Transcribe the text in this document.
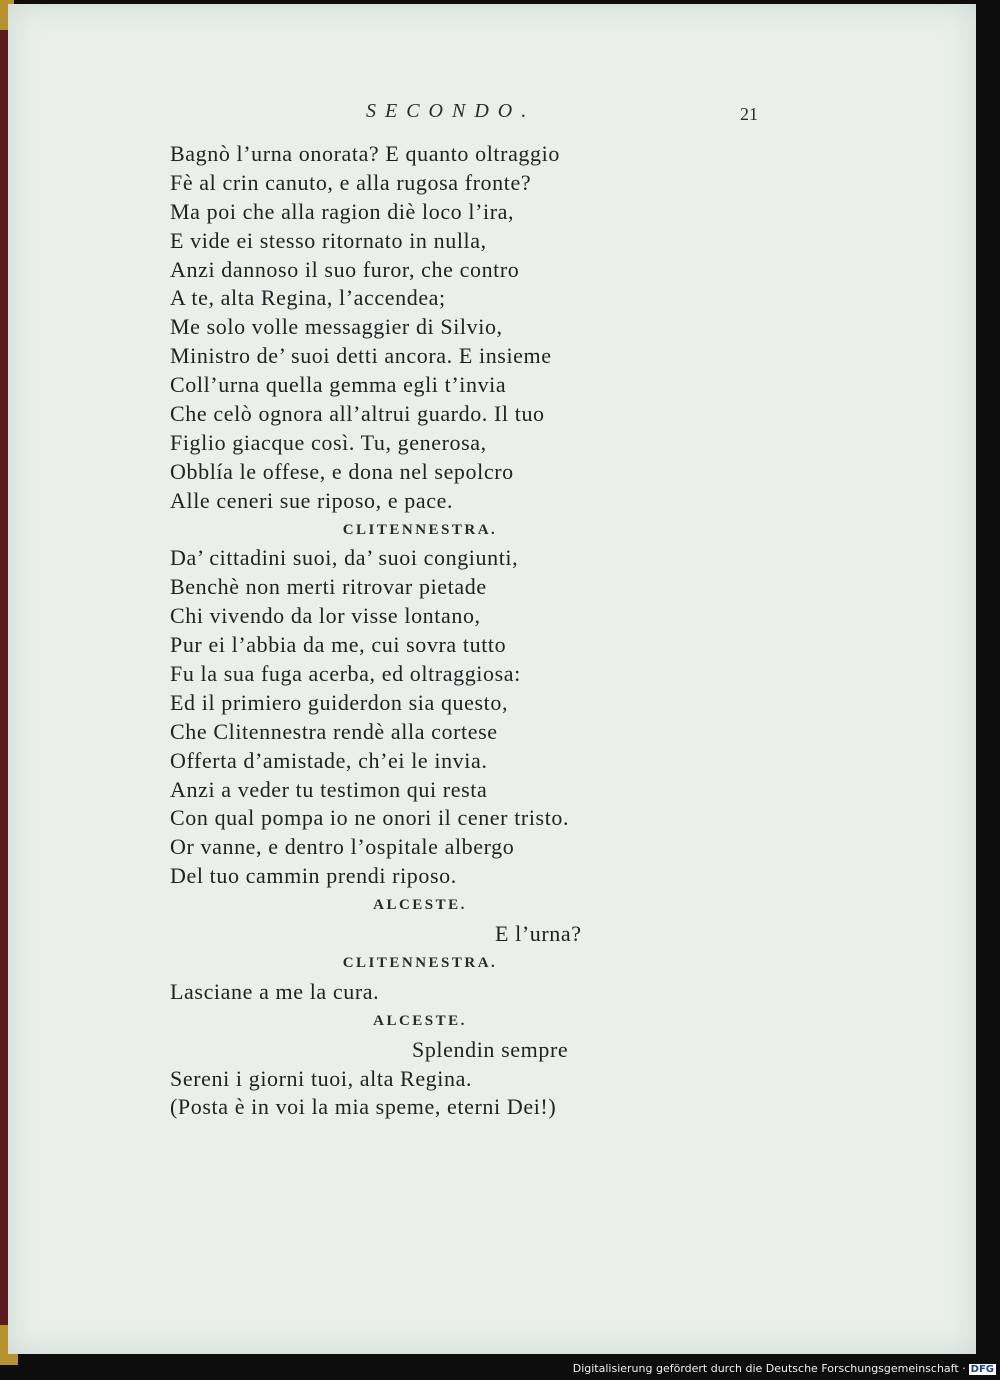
SECONDO.	21
Bagnò l’urna onorata? E quanto oltraggio
Fè al crin canuto, e alla rugosa fronte?
Ma poi che alla ragion diè loco l’ira,
E vide ei stesso ritornato in nulla,
Anzi dannoso il suo furor, che contro
A te, alta Regina, l’accendea;
Me solo volle messaggier di Silvio,
Ministro de’ suoi detti ancora. E insieme
Coll’urna quella gemma egli t’invia
Che celò ognora all’altrui guardo. Il tuo
Figlio giacque così. Tu, generosa,
Obblía le offese, e dona nel sepolcro
Alle ceneri sue riposo, e pace.
CLITENNESTRA.
Da’ cittadini suoi, da’ suoi congiunti,
Benchè non merti ritrovar pietade
Chi vivendo da lor visse lontano,
Pur ei l’abbia da me, cui sovra tutto
Fu la sua fuga acerba, ed oltraggiosa:
Ed il primiero guiderdon sia questo,
Che Clitennestra rendè alla cortese
Offerta d’amistade, ch’ei le invia.
Anzi a veder tu testimon qui resta
Con qual pompa io ne onori il cener tristo.
Or vanne, e dentro l’ospitale albergo
Del tuo cammin prendi riposo.
ALCESTE.
E l’urna?
CLITENNESTRA.
Lasciane a me la cura.
ALCESTE.
Splendin sempre
Sereni i giorni tuoi, alta Regina.
(Posta è in voi la mia speme, eterni Dei!)
Digitalisierung gefördert durch die Deutsche Forschungsgemeinschaft · DFG
